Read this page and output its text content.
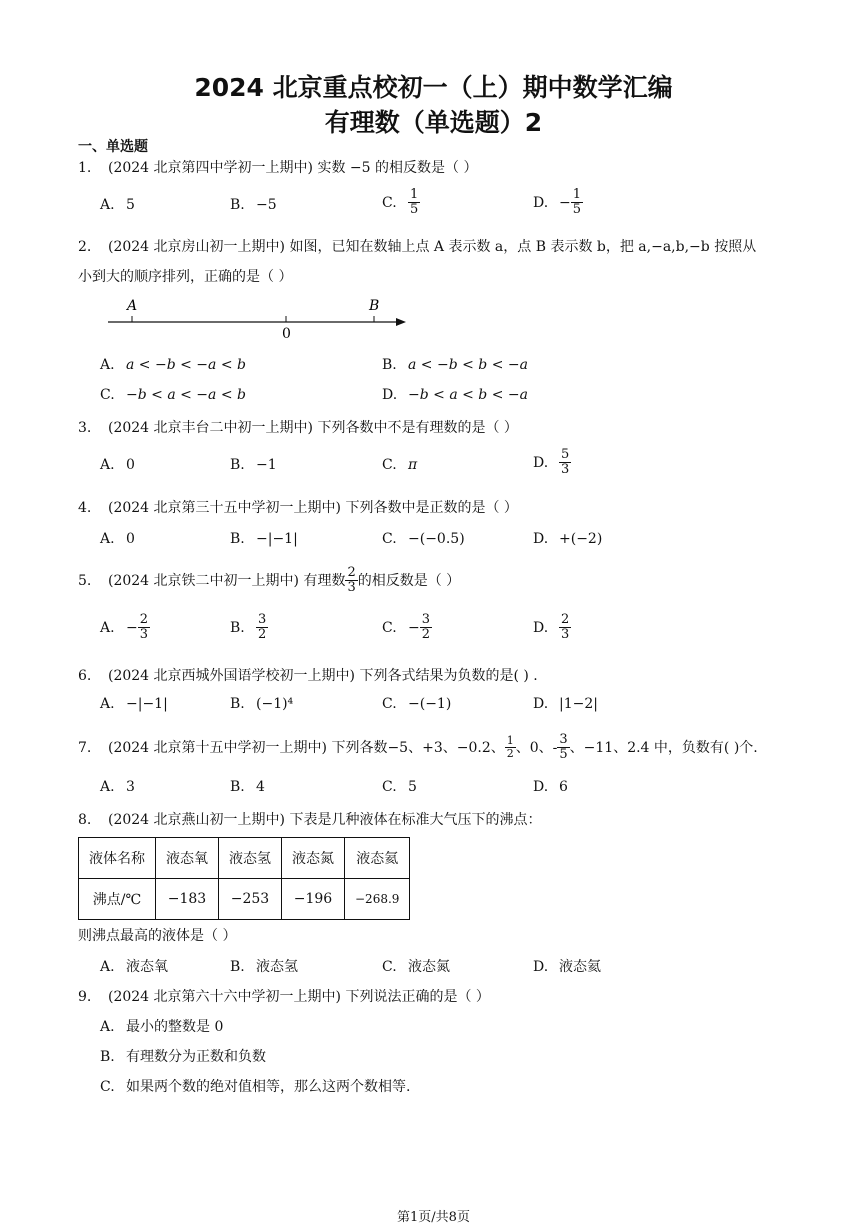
2024 北京重点校初一（上）期中数学汇编
有理数（单选题）2
一、单选题
1. (2024 北京第四中学初一上期中) 实数 −5 的相反数是（ ）
A. 5	B. −5	C. $\frac{1}{5}$	D. − $\frac{1}{5}$
2. (2024 北京房山初一上期中) 如图，已知在数轴上点 A 表示数 a，点 B 表示数 b，把 a,−a,b,−b 按照从
小到大的顺序排列，正确的是（ ）
A
0
B
A. a < −b < −a < b	B. a < −b < b < −a
C. −b < a < −a < b	D. −b < a < b < −a
3. (2024 北京丰台二中初一上期中) 下列各数中不是有理数的是（ ）
A. 0	B. −1	C. π	D. $\frac{5}{3}$
4. (2024 北京第三十五中学初一上期中) 下列各数中是正数的是（ ）
A. 0	B. −|−1|	C. −(−0.5)	D. +(−2)
5. (2024 北京铁二中初一上期中) 有理数 $\frac{2}{3}$ 的相反数是（ ）
A. − $\frac{2}{3}$	B. $\frac{3}{2}$	C. − $\frac{3}{2}$	D. $\frac{2}{3}$
6. (2024 北京西城外国语学校初一上期中) 下列各式结果为负数的是( ) .
A. −|−1|	B. (−1)⁴	C. −(−1)	D. |1−2|
7. (2024 北京第十五中学初一上期中) 下列各数−5、+3、−0.2、 $\frac{1}{2}$ 、0、- $\frac{3}{5}$ 、−11、2.4 中，负数有( )个.
A. 3	B. 4	C. 5	D. 6
8. (2024 北京燕山初一上期中) 下表是几种液体在标准大气压下的沸点：
液体名称	液态氧	液态氢	液态氮	液态氦
沸点/℃	−183	−253	−196	−268.9
则沸点最高的液体是（ ）
A. 液态氧	B. 液态氢	C. 液态氮	D. 液态氦
9. (2024 北京第六十六中学初一上期中) 下列说法正确的是（ ）
A. 最小的整数是 0
B. 有理数分为正数和负数
C. 如果两个数的绝对值相等，那么这两个数相等.
第1页/共8页
